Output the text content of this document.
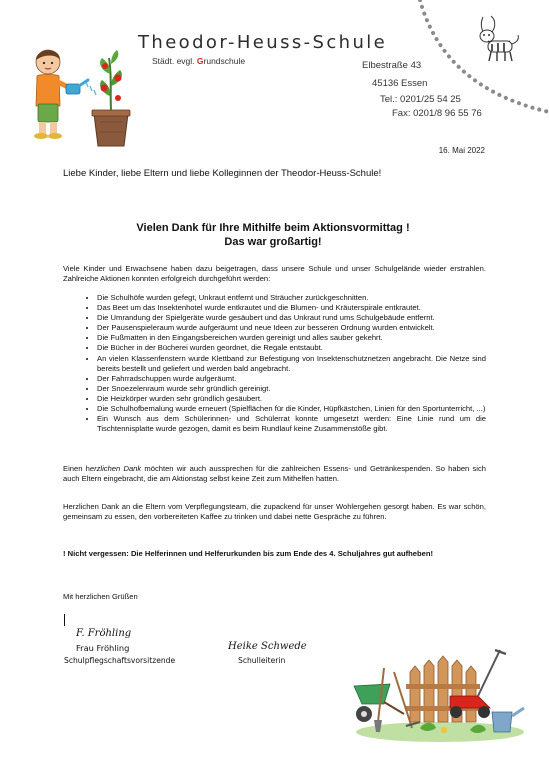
Theodor-Heuss-Schule
Städt. evgl. Grundschule	Elbestraße 43
45136 Essen
Tel.: 0201/25 54 25
Fax: 0201/8 96 55 76
16. Mai 2022
Liebe Kinder, liebe Eltern und liebe Kolleginnen der Theodor-Heuss-Schule!
Vielen Dank für Ihre Mithilfe beim Aktionsvormittag !
Das war großartig!
Viele Kinder und Erwachsene haben dazu beigetragen, dass unsere Schule und unser Schulgelände wieder erstrahlen. Zahlreiche Aktionen konnten erfolgreich durchgeführt werden:
• Die Schulhöfe wurden gefegt, Unkraut entfernt und Sträucher zurückgeschnitten.
• Das Beet um das Insektenhotel wurde entkrautet und die Blumen- und Kräuterspirale entkrautet.
• Die Umrandung der Spielgeräte wurde gesäubert und das Unkraut rund ums Schulgebäude entfernt.
• Der Pausenspieleraum wurde aufgeräumt und neue Ideen zur besseren Ordnung wurden entwickelt.
• Die Fußmatten in den Eingangsbereichen wurden gereinigt und alles sauber gekehrt.
• Die Bücher in der Bücherei wurden geordnet, die Regale entstaubt.
• An vielen Klassenfenstern wurde Klettband zur Befestigung von Insektenschutznetzen angebracht. Die Netze sind bereits bestellt und geliefert und werden bald angebracht.
• Der Fahrradschuppen wurde aufgeräumt.
• Der Snoezelenraum wurde sehr gründlich gereinigt.
• Die Heizkörper wurden sehr gründlich gesäubert.
• Die Schulhofbemalung wurde erneuert (Spielflächen für die Kinder, Hüpfkästchen, Linien für den Sportunterricht, ...)
• Ein Wunsch aus dem Schülerinnen- und Schülerrat konnte umgesetzt werden: Eine Linie rund um die Tischtennisplatte wurde gezogen, damit es beim Rundlauf keine Zusammenstöße gibt.
Einen herzlichen Dank möchten wir auch aussprechen für die zahlreichen Essens- und Getränkespenden. So haben sich auch Eltern eingebracht, die am Aktionstag selbst keine Zeit zum Mithelfen hatten.
Herzlichen Dank an die Eltern vom Verpflegungsteam, die zupackend für unser Wohlergehen gesorgt haben. Es war schön, gemeinsam zu essen, den vorbereiteten Kaffee zu trinken und dabei nette Gespräche zu führen.
! Nicht vergessen: Die Helferinnen und Helferurkunden bis zum Ende des 4. Schuljahres gut aufheben!
Mit herzlichen Grüßen
F. Fröhling
Frau Fröhling
Schulpflegschaftsvorsitzende
Heike Schwede
Schulleiterin
